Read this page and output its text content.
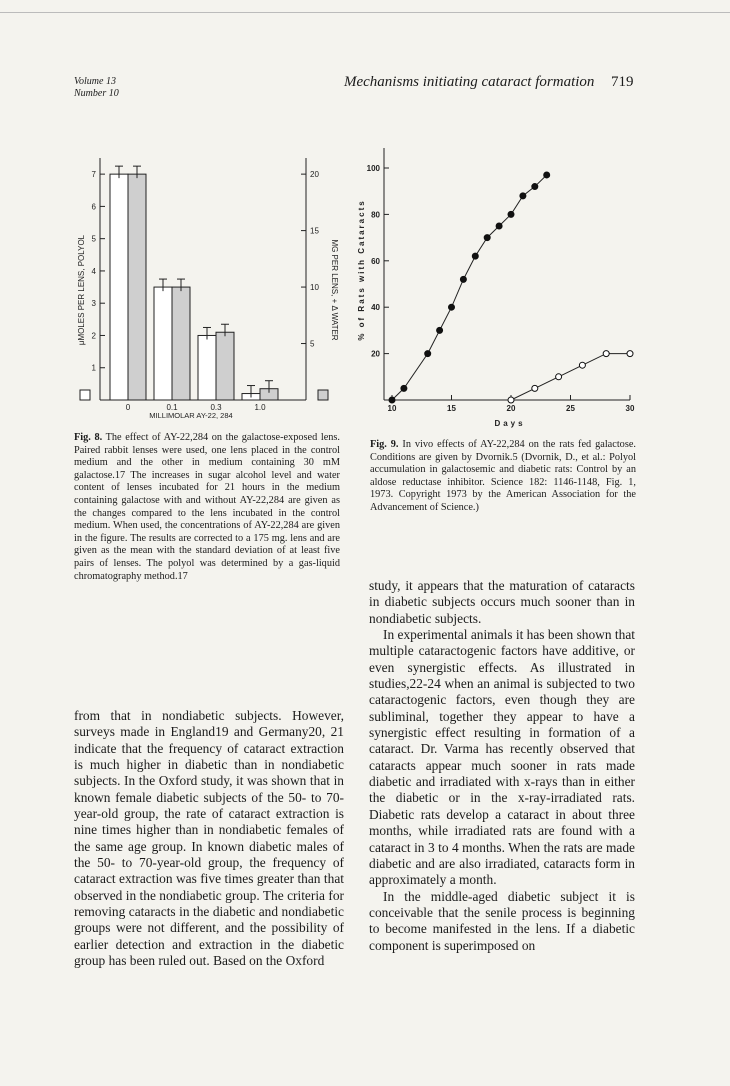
Volume 13
Number 10
Mechanisms initiating cataract formation 719
MILLIMOLAR AY-22, 284
μMOLES PER LENS, POLYOL	MG PER LENS, + Δ WATER
1
2
3
4
5
6
7
5
10
15
20
0	0.1	0.3	1.0
Days
% of Rats with Cataracts
20
40
60
80
100
10	15	20	25	30
Fig. 8. The effect of AY-22,284 on the galactose-exposed lens. Paired rabbit lenses were used, one lens placed in the control medium and the other in medium containing 30 mM galactose.17 The increases in sugar alcohol level and water content of lenses incubated for 21 hours in the medium containing galactose with and without AY-22,284 are given as the changes compared to the lens incubated in the control medium. When used, the concentrations of AY-22,284 are given in the figure. The results are corrected to a 175 mg. lens and are given as the mean with the standard deviation of at least five pairs of lenses. The polyol was determined by a gas-liquid chromatography method.17
Fig. 9. In vivo effects of AY-22,284 on the rats fed galactose. Conditions are given by Dvornik.5 (Dvornik, D., et al.: Polyol accumulation in galactosemic and diabetic rats: Control by an aldose reductase inhibitor. Science 182: 1146-1148, Fig. 1, 1973. Copyright 1973 by the American Association for the Advancement of Science.)

from that in nondiabetic subjects. However, surveys made in England19 and Germany20, 21 indicate that the frequency of cataract extraction is much higher in diabetic than in nondiabetic subjects. In the Oxford study, it was shown that in known female diabetic subjects of the 50- to 70-year-old group, the rate of cataract extraction is nine times higher than in nondiabetic females of the same age group. In known diabetic males of the 50- to 70-year-old group, the frequency of cataract extraction was five times greater than that observed in the nondiabetic group. The criteria for removing cataracts in the diabetic and nondiabetic groups were not different, and the possibility of earlier detection and extraction in the diabetic group has been ruled out. Based on the Oxford

study, it appears that the maturation of cataracts in diabetic subjects occurs much sooner than in nondiabetic subjects.

In experimental animals it has been shown that multiple cataractogenic factors have additive, or even synergistic effects. As illustrated in studies,22-24 when an animal is subjected to two cataractogenic factors, even though they are subliminal, together they appear to have a synergistic effect resulting in formation of a cataract. Dr. Varma has recently observed that cataracts appear much sooner in rats made diabetic and irradiated with x-rays than in either the diabetic or in the x-ray-irradiated rats. Diabetic rats develop a cataract in about three months, while irradiated rats are found with a cataract in 3 to 4 months. When the rats are made diabetic and are also irradiated, cataracts form in approximately a month.

In the middle-aged diabetic subject it is conceivable that the senile process is beginning to become manifested in the lens. If a diabetic component is superimposed on
